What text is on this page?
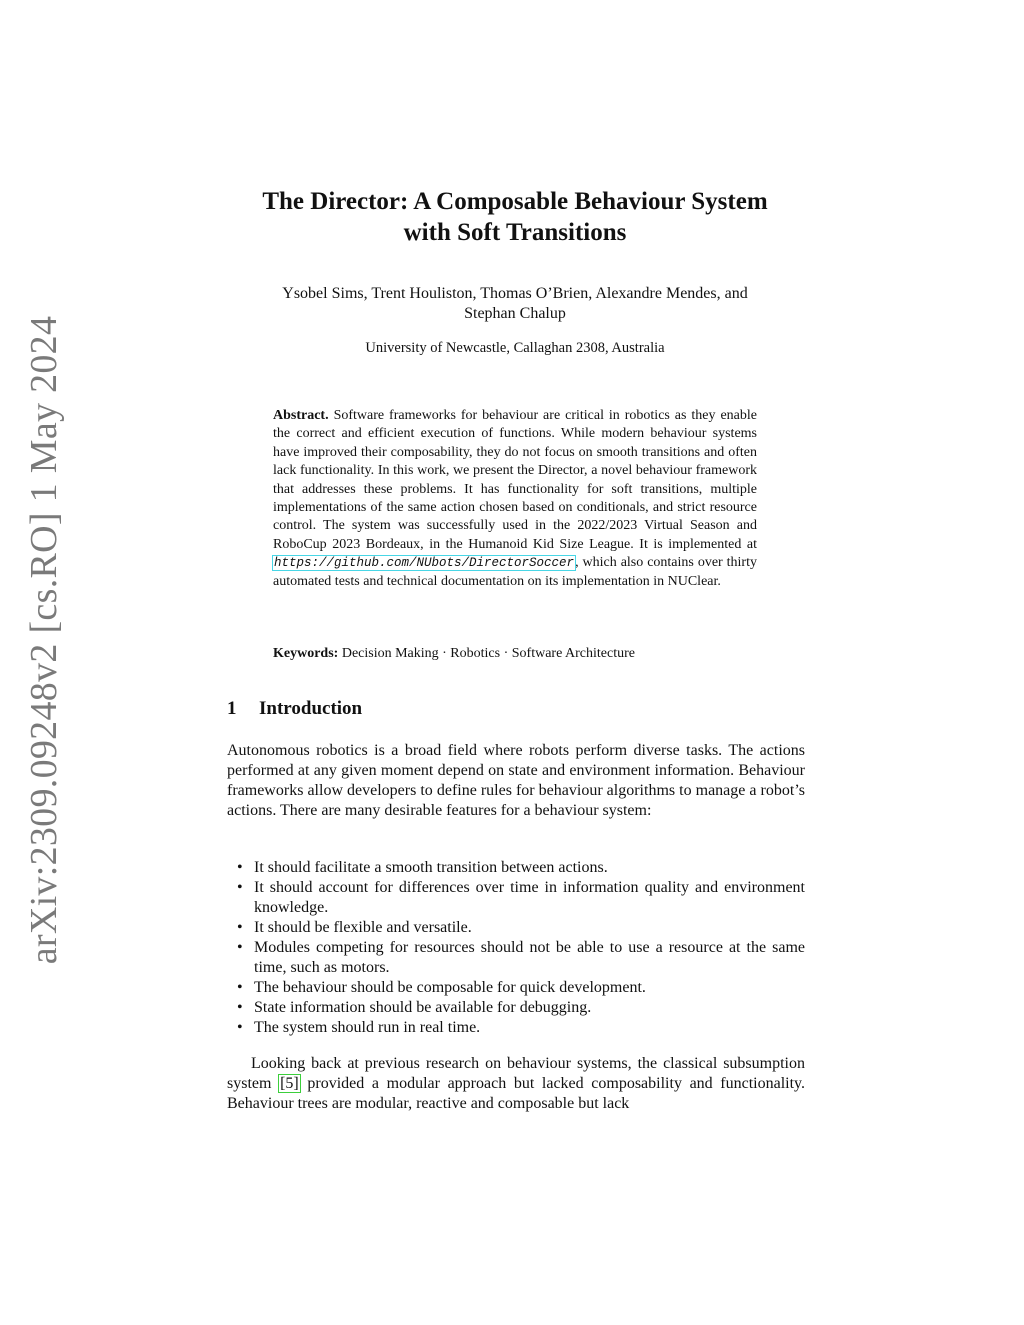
arXiv:2309.09248v2 [cs.RO] 1 May 2024
The Director: A Composable Behaviour System
with Soft Transitions
Ysobel Sims, Trent Houliston, Thomas O’Brien, Alexandre Mendes, and
Stephan Chalup
University of Newcastle, Callaghan 2308, Australia
Abstract. Software frameworks for behaviour are critical in robotics as they enable the correct and efficient execution of functions. While modern behaviour systems have improved their composability, they do not focus on smooth transitions and often lack functionality. In this work, we present the Director, a novel behaviour framework that addresses these problems. It has functionality for soft transitions, multiple implementations of the same action chosen based on conditionals, and strict resource control. The system was successfully used in the 2022/2023 Virtual Season and RoboCup 2023 Bordeaux, in the Humanoid Kid Size League. It is implemented at https://github.com/NUbots/DirectorSoccer, which also contains over thirty automated tests and technical documentation on its implementation in NUClear.
Keywords: Decision Making · Robotics · Software Architecture
1 Introduction
Autonomous robotics is a broad field where robots perform diverse tasks. The actions performed at any given moment depend on state and environment information. Behaviour frameworks allow developers to define rules for behaviour algorithms to manage a robot’s actions. There are many desirable features for a behaviour system:
• It should facilitate a smooth transition between actions.
• It should account for differences over time in information quality and environment knowledge.
• It should be flexible and versatile.
• Modules competing for resources should not be able to use a resource at the same time, such as motors.
• The behaviour should be composable for quick development.
• State information should be available for debugging.
• The system should run in real time.
Looking back at previous research on behaviour systems, the classical subsumption system [5] provided a modular approach but lacked composability and functionality. Behaviour trees are modular, reactive and composable but lack
